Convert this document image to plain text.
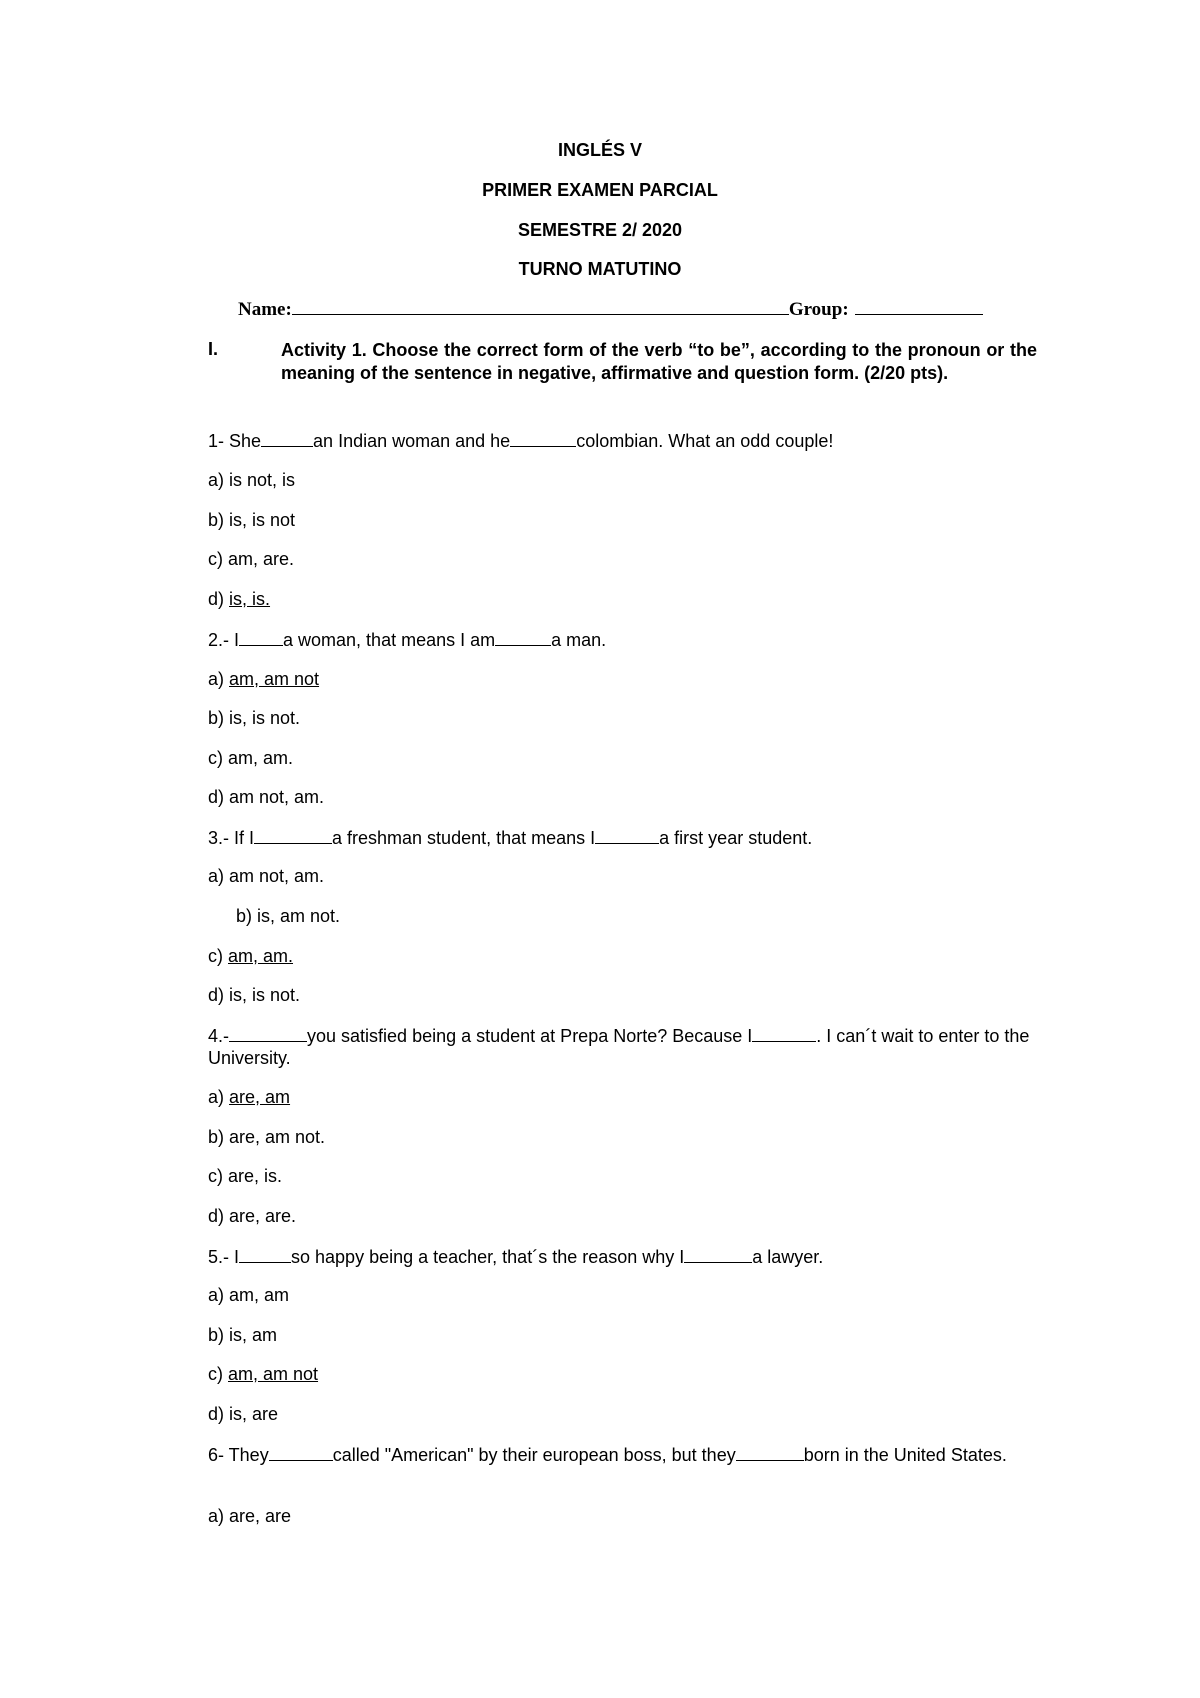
INGLÉS V
PRIMER EXAMEN PARCIAL
SEMESTRE 2/ 2020
TURNO MATUTINO
Name:	Group:
I.	Activity 1. Choose the correct form of the verb “to be”, according to the pronoun or the meaning of the sentence in negative, affirmative and question form. (2/20 pts).
1- She	an Indian woman and he	colombian. What an odd couple!
a) is not, is
b) is, is not
c) am, are.
d) is, is.
2.- I a woman, that means I am	a man.
a) am, am not
b) is, is not.
c) am, am.
d) am not, am.
3.- If I	a freshman student, that means I	a first year student.
a) am not, am.
b) is, am not.
c) am, am.
d) is, is not.
4.-	you satisfied being a student at Prepa Norte? Because I	. I can´t wait to enter to the University.
a) are, am
b) are, am not.
c) are, is.
d) are, are.
5.- I	so happy being a teacher, that´s the reason why I	a lawyer.
a) am, am
b) is, am
c) am, am not
d) is, are
6- They	called "American" by their european boss, but they	born in the United States.
a) are, are
